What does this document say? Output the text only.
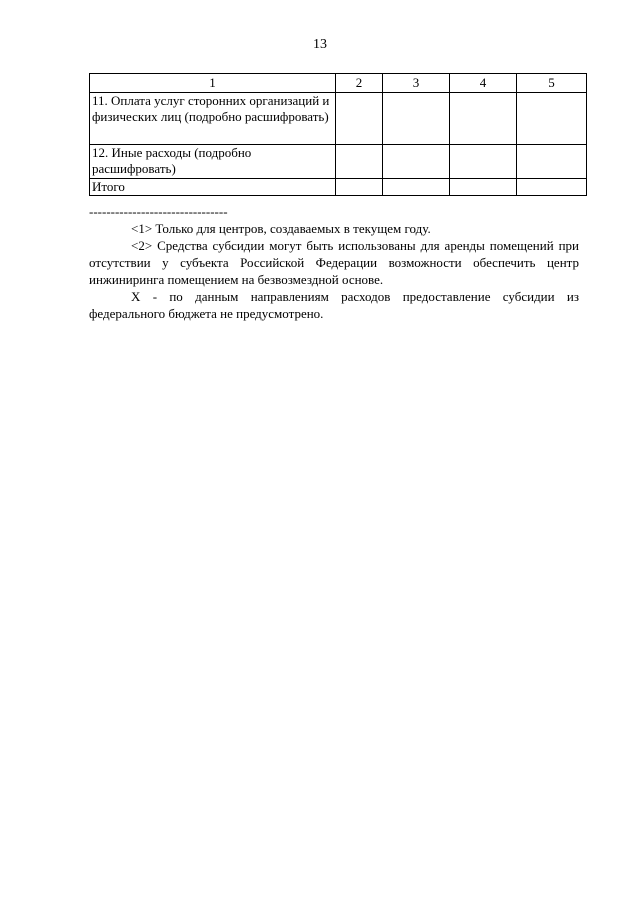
13
1	2	3	4	5
11. Оплата услуг сторонних организаций и физических лиц (подробно расшифровать)				
12. Иные расходы (подробно расшифровать)				
Итого				
--------------------------------

<1> Только для центров, создаваемых в текущем году.

<2> Средства субсидии могут быть использованы для аренды помещений при отсутствии у субъекта Российской Федерации возможности обеспечить центр инжиниринга помещением на безвозмездной основе.

X - по данным направлениям расходов предоставление субсидии из федерального бюджета не предусмотрено.
